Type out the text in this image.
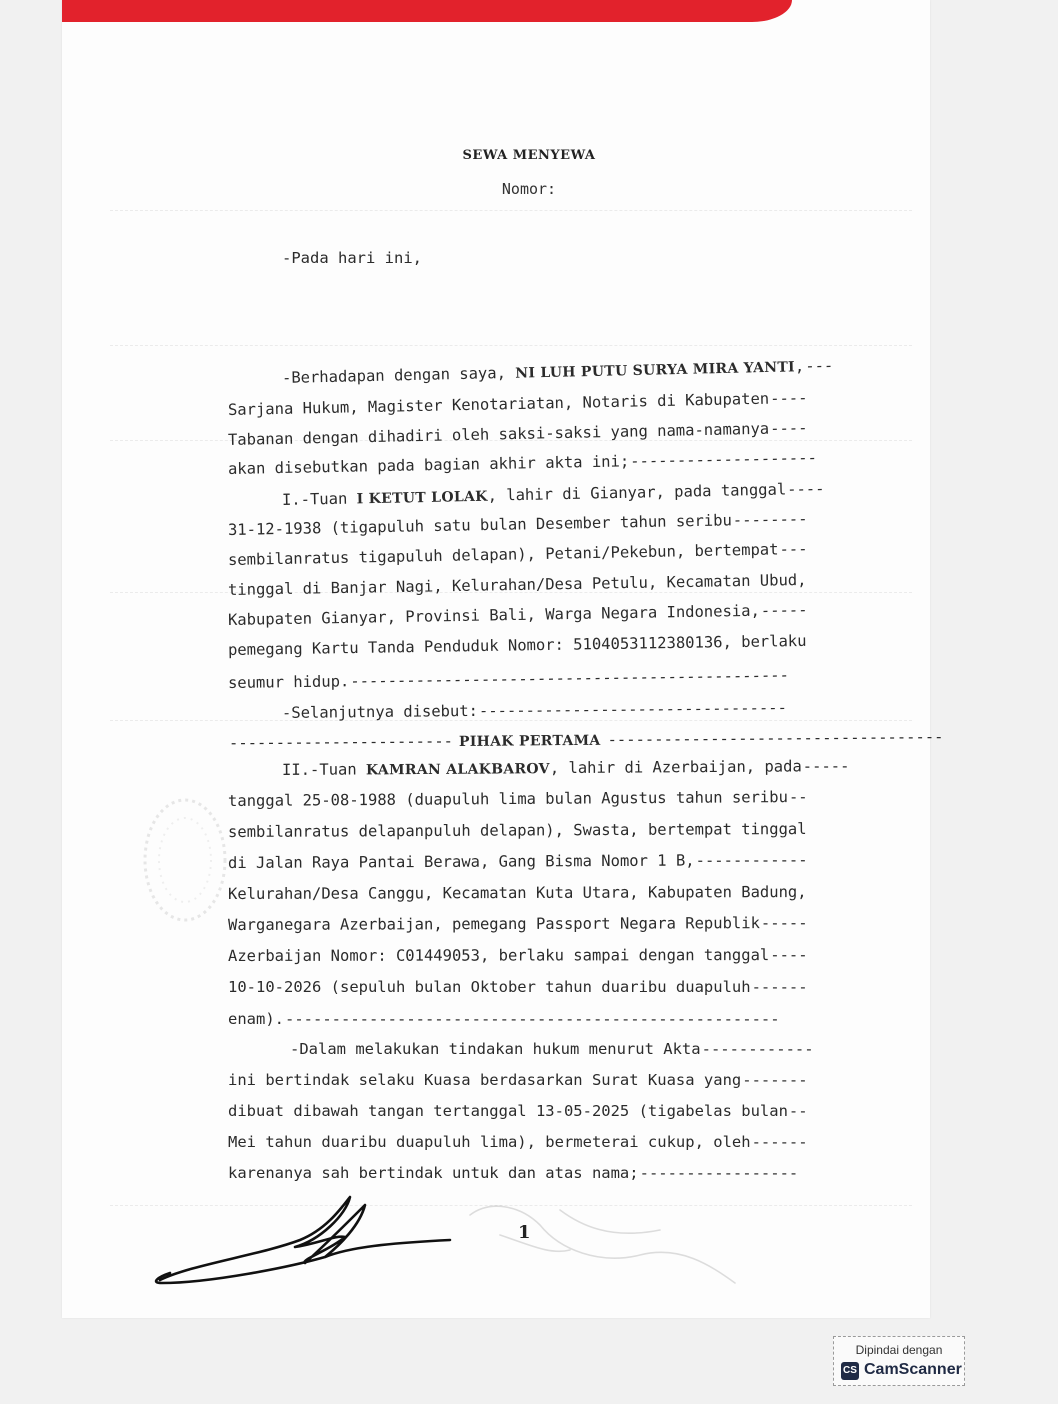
SEWA MENYEWA
Nomor:
-Pada hari ini,
-Berhadapan dengan saya, NI LUH PUTU SURYA MIRA YANTI, ---
Sarjana Hukum, Magister Kenotariatan, Notaris di Kabupaten ----
Tabanan dengan dihadiri oleh saksi-saksi yang nama-namanya ----
akan disebutkan pada bagian akhir akta ini; --------------------
I.-Tuan I KETUT LOLAK, lahir di Gianyar, pada tanggal ----
31-12-1938 (tigapuluh satu bulan Desember tahun seribu --------
sembilanratus tigapuluh delapan), Petani/Pekebun, bertempat ---
tinggal di Banjar Nagi, Kelurahan/Desa Petulu, Kecamatan Ubud,
Kabupaten Gianyar, Provinsi Bali, Warga Negara Indonesia, -----
pemegang Kartu Tanda Penduduk Nomor: 5104053112380136, berlaku
seumur hidup. -----------------------------------------------
-Selanjutnya disebut: ---------------------------------
------------------------ PIHAK PERTAMA ------------------------------------
II.-Tuan KAMRAN ALAKBAROV, lahir di Azerbaijan, pada -----
tanggal 25-08-1988 (duapuluh lima bulan Agustus tahun seribu --
sembilanratus delapanpuluh delapan), Swasta, bertempat tinggal
di Jalan Raya Pantai Berawa, Gang Bisma Nomor 1 B, ------------
Kelurahan/Desa Canggu, Kecamatan Kuta Utara, Kabupaten Badung,
Warganegara Azerbaijan, pemegang Passport Negara Republik -----
Azerbaijan Nomor: C01449053, berlaku sampai dengan tanggal ----
10-10-2026 (sepuluh bulan Oktober tahun duaribu duapuluh ------
enam). -----------------------------------------------------
-Dalam melakukan tindakan hukum menurut Akta ------------
ini bertindak selaku Kuasa berdasarkan Surat Kuasa yang -------
dibuat dibawah tangan tertanggal 13-05-2025 (tigabelas bulan --
Mei tahun duaribu duapuluh lima), bermeterai cukup, oleh ------
karenanya sah bertindak untuk dan atas nama; -----------------
1
Dipindai dengan
CS CamScanner
